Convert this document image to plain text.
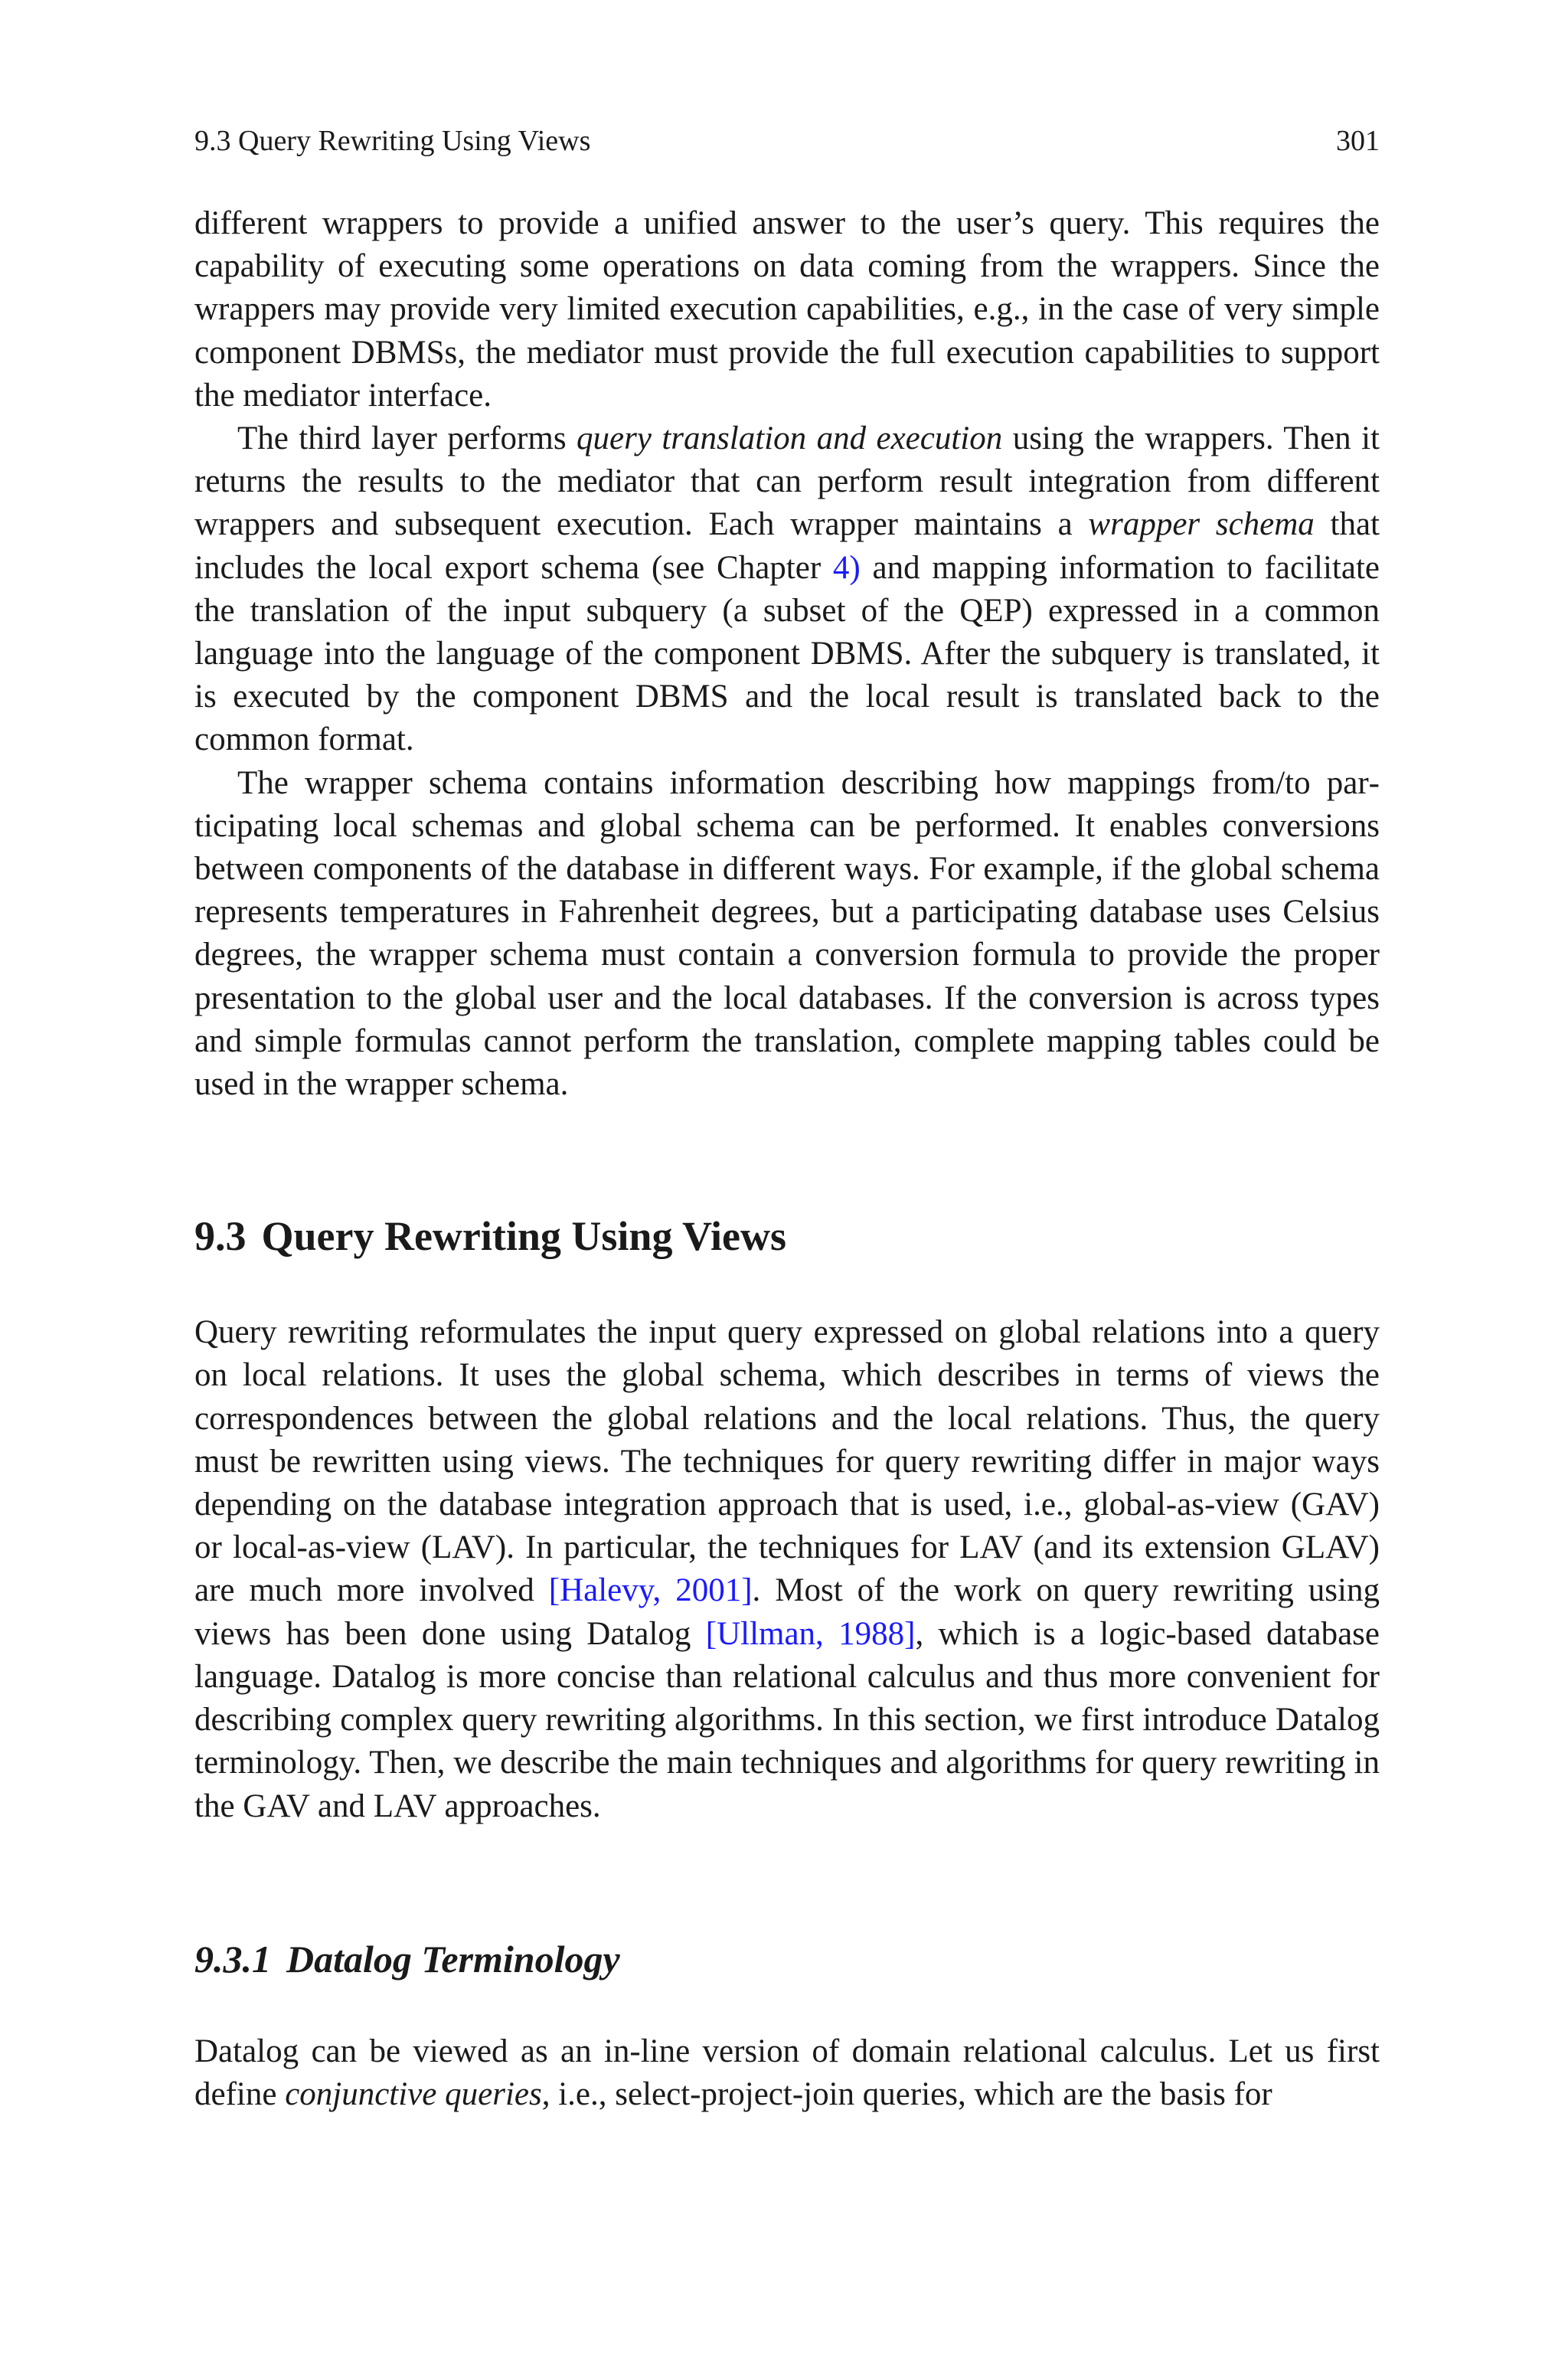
9.3 Query Rewriting Using Views	301

different wrappers to provide a unified answer to the user’s query. This requires the capability of executing some operations on data coming from the wrappers. Since the wrappers may provide very limited execution capabilities, e.g., in the case of very simple component DBMSs, the mediator must provide the full execution capabilities to support the mediator interface.

The third layer performs query translation and execution using the wrappers. Then it returns the results to the mediator that can perform result integration from different wrappers and subsequent execution. Each wrapper maintains a wrapper schema that includes the local export schema (see Chapter 4) and mapping information to facilitate the translation of the input subquery (a subset of the QEP) expressed in a common language into the language of the component DBMS. After the subquery is translated, it is executed by the component DBMS and the local result is translated back to the common format.

The wrapper schema contains information describing how mappings from/to participating local schemas and global schema can be performed. It enables conversions between components of the database in different ways. For example, if the global schema represents temperatures in Fahrenheit degrees, but a participating database uses Celsius degrees, the wrapper schema must contain a conversion formula to provide the proper presentation to the global user and the local databases. If the conversion is across types and simple formulas cannot perform the translation, complete mapping tables could be used in the wrapper schema.

9.3 Query Rewriting Using Views

Query rewriting reformulates the input query expressed on global relations into a query on local relations. It uses the global schema, which describes in terms of views the correspondences between the global relations and the local relations. Thus, the query must be rewritten using views. The techniques for query rewriting differ in major ways depending on the database integration approach that is used, i.e., global-as-view (GAV) or local-as-view (LAV). In particular, the techniques for LAV (and its extension GLAV) are much more involved [Halevy, 2001]. Most of the work on query rewriting using views has been done using Datalog [Ullman, 1988], which is a logic-based database language. Datalog is more concise than relational calculus and thus more convenient for describing complex query rewriting algorithms. In this section, we first introduce Datalog terminology. Then, we describe the main techniques and algorithms for query rewriting in the GAV and LAV approaches.

9.3.1 Datalog Terminology

Datalog can be viewed as an in-line version of domain relational calculus. Let us first define conjunctive queries, i.e., select-project-join queries, which are the basis for
